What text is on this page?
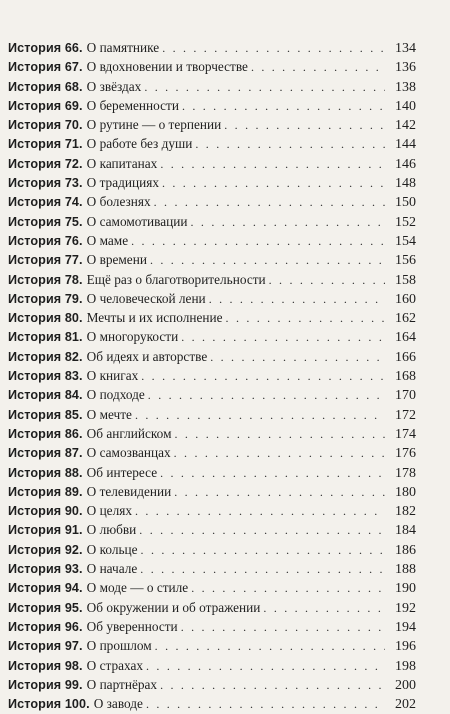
История 66. О памятнике . . .	134
История 67. О вдохновении и творчестве . . .	136
История 68. О звёздах . . .	138
История 69. О беременности . . .	140
История 70. О рутине — о терпении . . .	142
История 71. О работе без души . . .	144
История 72. О капитанах . . .	146
История 73. О традициях . . .	148
История 74. О болезнях . . .	150
История 75. О самомотивации . . .	152
История 76. О маме . . .	154
История 77. О времени . . .	156
История 78. Ещё раз о благотворительности . . .	158
История 79. О человеческой лени . . .	160
История 80. Мечты и их исполнение . . .	162
История 81. О многорукости . . .	164
История 82. Об идеях и авторстве . . .	166
История 83. О книгах . . .	168
История 84. О подходе . . .	170
История 85. О мечте . . .	172
История 86. Об английском . . .	174
История 87. О самозванцах . . .	176
История 88. Об интересе . . .	178
История 89. О телевидении . . .	180
История 90. О целях . . .	182
История 91. О любви . . .	184
История 92. О кольце . . .	186
История 93. О начале . . .	188
История 94. О моде — о стиле . . .	190
История 95. Об окружении и об отражении . . .	192
История 96. Об уверенности . . .	194
История 97. О прошлом . . .	196
История 98. О страхах . . .	198
История 99. О партнёрах . . .	200
История 100. О заводе . . .	202
